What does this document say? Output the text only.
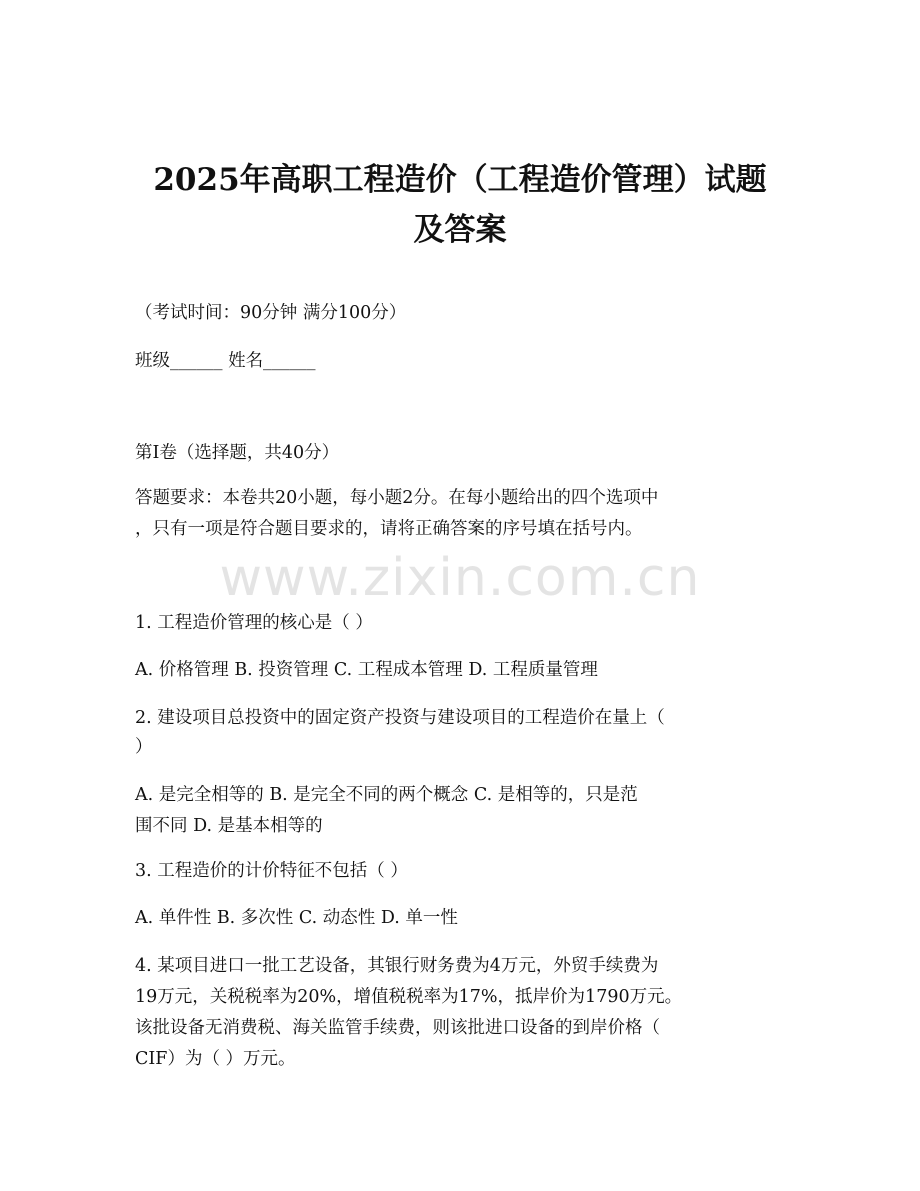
2025年高职工程造价（工程造价管理）试题
及答案
（考试时间：90分钟 满分100分）
班级______ 姓名______
第I卷（选择题，共40分）
答题要求：本卷共20小题，每小题2分。在每小题给出的四个选项中
，只有一项是符合题目要求的，请将正确答案的序号填在括号内。
www.zixin.com.cn
1. 工程造价管理的核心是（ ）
A. 价格管理 B. 投资管理 C. 工程成本管理 D. 工程质量管理
2. 建设项目总投资中的固定资产投资与建设项目的工程造价在量上（
）
A. 是完全相等的 B. 是完全不同的两个概念 C. 是相等的，只是范
围不同 D. 是基本相等的
3. 工程造价的计价特征不包括（ ）
A. 单件性 B. 多次性 C. 动态性 D. 单一性
4. 某项目进口一批工艺设备，其银行财务费为4万元，外贸手续费为
19万元，关税税率为20%，增值税税率为17%，抵岸价为1790万元。
该批设备无消费税、海关监管手续费，则该批进口设备的到岸价格（
CIF）为（ ）万元。
